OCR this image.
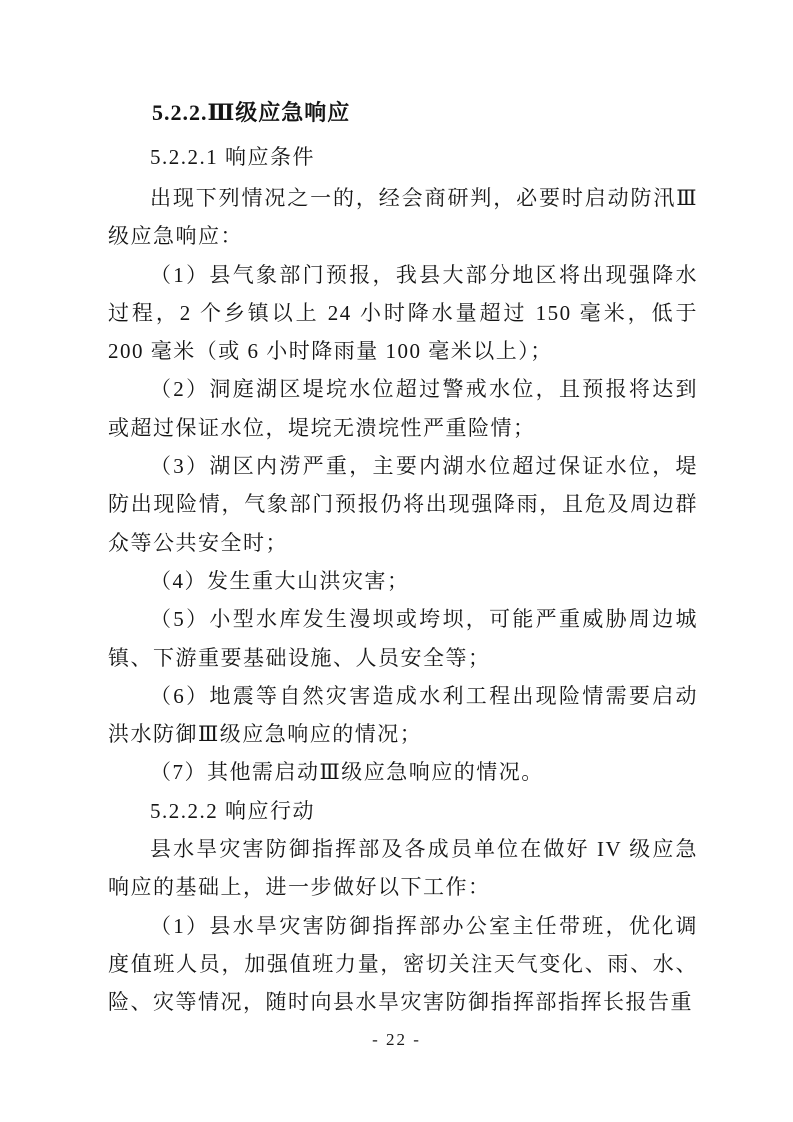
5.2.2.Ⅲ级应急响应

5.2.2.1 响应条件

出现下列情况之一的，经会商研判，必要时启动防汛Ⅲ级应急响应：

（1）县气象部门预报，我县大部分地区将出现强降水过程，2 个乡镇以上 24 小时降水量超过 150 毫米，低于 200 毫米（或 6 小时降雨量 100 毫米以上）；

（2）洞庭湖区堤垸水位超过警戒水位，且预报将达到或超过保证水位，堤垸无溃垸性严重险情；

（3）湖区内涝严重，主要内湖水位超过保证水位，堤防出现险情，气象部门预报仍将出现强降雨，且危及周边群众等公共安全时；

（4）发生重大山洪灾害；

（5）小型水库发生漫坝或垮坝，可能严重威胁周边城镇、下游重要基础设施、人员安全等；

（6）地震等自然灾害造成水利工程出现险情需要启动洪水防御Ⅲ级应急响应的情况；

（7）其他需启动Ⅲ级应急响应的情况。

5.2.2.2 响应行动

县水旱灾害防御指挥部及各成员单位在做好 IV 级应急响应的基础上，进一步做好以下工作：

（1）县水旱灾害防御指挥部办公室主任带班，优化调度值班人员，加强值班力量，密切关注天气变化、雨、水、险、灾等情况，随时向县水旱灾害防御指挥部指挥长报告重

- 22 -
